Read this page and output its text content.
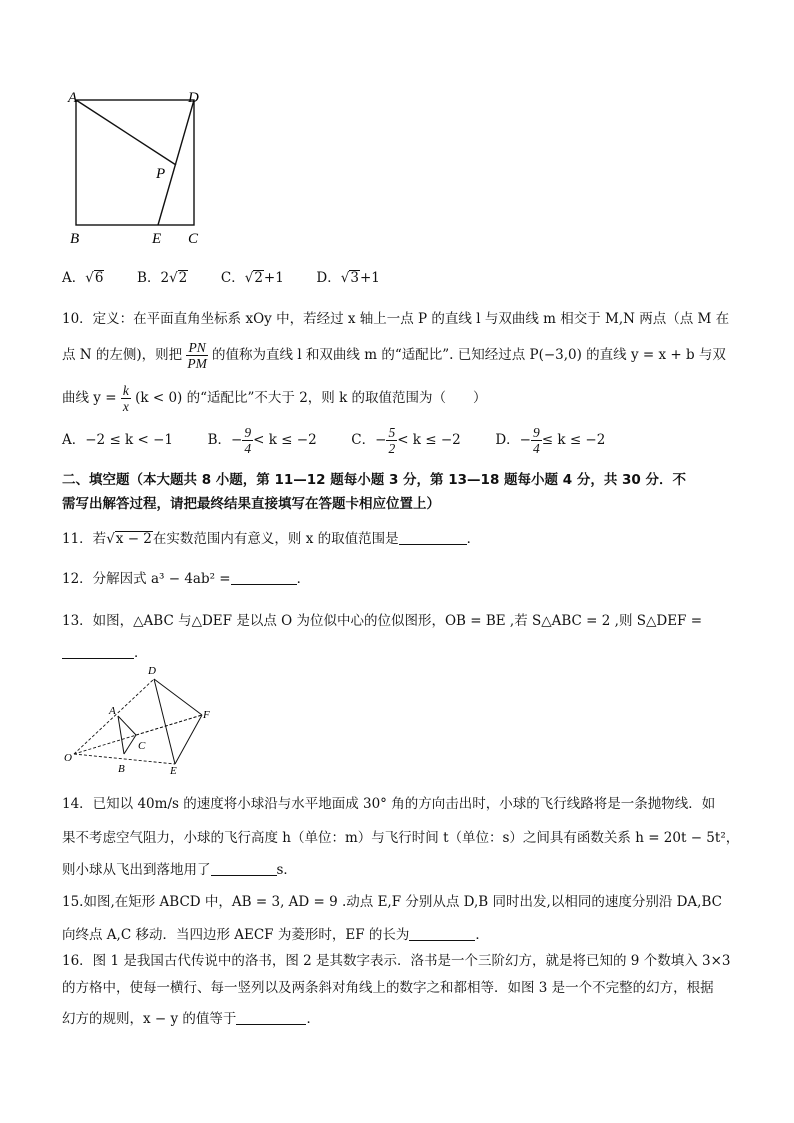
A	D
P
B	E C
A．√6 B．2√2 C．√2+1 D．√3+1
10．定义：在平面直角坐标系 xOy 中，若经过 x 轴上一点 P 的直线 l 与双曲线 m 相交于 M,N 两点（点 M 在
点 N 的左侧)，则把 $\frac{PN}{PM}$ 的值称为直线 l 和双曲线 m 的“适配比”. 已知经过点 P(−3,0) 的直线 y = x + b 与双
曲线 $y = \frac{k}{x} (k < 0)$ 的“适配比”不大于 2，则 k 的取值范围为（　　）
A．−2 ≤ k < −1	B．− $\frac{9}{4} < k \le -2$	C．− $\frac{5}{2} < k \le -2$	D．− $\frac{9}{4} \le k \le -2$
二、填空题（本大题共 8 小题，第 11—12 题每小题 3 分，第 13—18 题每小题 4 分，共 30 分．不
需写出解答过程，请把最终结果直接填写在答题卡相应位置上）
11．若√x − 2在实数范围内有意义，则 x 的取值范围是	．
12．分解因式 a³ − 4ab² =	．
13．如图，△ABC 与△DEF 是以点 O 为位似中心的位似图形，OB = BE ,若 S△ABC = 2 ,则 S△DEF =
．
D
A	F
C
O
B	E
14．已知以 40m/s 的速度将小球沿与水平地面成 30° 角的方向击出时，小球的飞行线路将是一条抛物线．如
果不考虑空气阻力，小球的飞行高度 h（单位：m）与飞行时间 t（单位：s）之间具有函数关系 h = 20t − 5t²，
则小球从飞出到落地用了	s．
15.如图,在矩形 ABCD 中，AB = 3, AD = 9 .动点 E,F 分别从点 D,B 同时出发,以相同的速度分别沿 DA,BC
向终点 A,C 移动．当四边形 AECF 为菱形时，EF 的长为	．
16．图 1 是我国古代传说中的洛书，图 2 是其数字表示．洛书是一个三阶幻方，就是将已知的 9 个数填入 3×3
的方格中，使每一横行、每一竖列以及两条斜对角线上的数字之和都相等．如图 3 是一个不完整的幻方，根据
幻方的规则，x − y 的值等于	．
